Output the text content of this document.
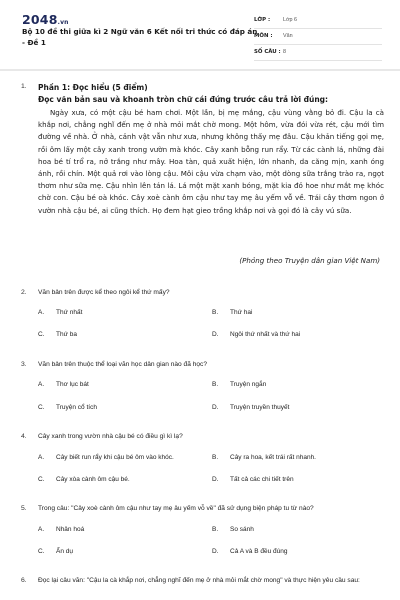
2048.vn
Bộ 10 đề thi giữa kì 2 Ngữ văn 6 Kết nối tri thức có đáp án - Đề 1
LỚP : Lớp 6
MÔN : Văn
SỐ CÂU : 8
1. Phần 1: Đọc hiểu (5 điểm)
Đọc văn bản sau và khoanh tròn chữ cái đứng trước câu trả lời đúng:
Ngày xưa, có một cậu bé ham chơi. Một lần, bị mẹ mắng, cậu vùng vằng bỏ đi. Cậu la cà khắp nơi, chẳng nghĩ đến mẹ ở nhà mỏi mắt chờ mong. Một hôm, vừa đói vừa rét, cậu mới tìm đường về nhà. Ở nhà, cảnh vật vẫn như xưa, nhưng không thấy mẹ đâu. Cậu khản tiếng gọi mẹ, rồi ôm lấy một cây xanh trong vườn mà khóc. Cây xanh bỗng run rẩy. Từ các cành lá, những đài hoa bé tí trổ ra, nở trắng như mây. Hoa tàn, quả xuất hiện, lớn nhanh, da căng mịn, xanh óng ánh, rồi chín. Một quả rơi vào lòng cậu. Môi cậu vừa chạm vào, một dòng sữa trắng trào ra, ngọt thơm như sữa mẹ. Cậu nhìn lên tán lá. Lá một mặt xanh bóng, mặt kia đỏ hoe như mắt mẹ khóc chờ con. Cậu bé oà khóc. Cây xoè cành ôm cậu như tay mẹ âu yếm vỗ về. Trái cây thơm ngon ở vườn nhà cậu bé, ai cũng thích. Họ đem hạt gieo trồng khắp nơi và gọi đó là cây vú sữa.
(Phỏng theo Truyện dân gian Việt Nam)
2. Văn bản trên được kể theo ngôi kể thứ mấy?
A. Thứ nhất	B. Thứ hai
C. Thứ ba	D. Ngôi thứ nhất và thứ hai
3. Văn bản trên thuộc thể loại văn học dân gian nào đã học?
A. Thơ lục bát	B. Truyện ngắn
C. Truyện cổ tích	D. Truyện truyền thuyết
4. Cây xanh trong vườn nhà cậu bé có điều gì kì lạ?
A. Cây biết run rẩy khi cậu bé ôm vào khóc.	B. Cây ra hoa, kết trái rất nhanh.
C. Cây xòa cành ôm cậu bé.	D. Tất cả các chi tiết trên
5. Trong câu: "Cây xoè cành ôm cậu như tay mẹ âu yếm vỗ về" đã sử dụng biện pháp tu từ nào?
A. Nhân hoá	B. So sánh
C. Ẩn dụ	D. Cả A và B đều đúng
6. Đọc lại câu văn: "Cậu la cà khắp nơi, chẳng nghĩ đến mẹ ở nhà mỏi mắt chờ mong" và thực hiện yêu cầu sau:
